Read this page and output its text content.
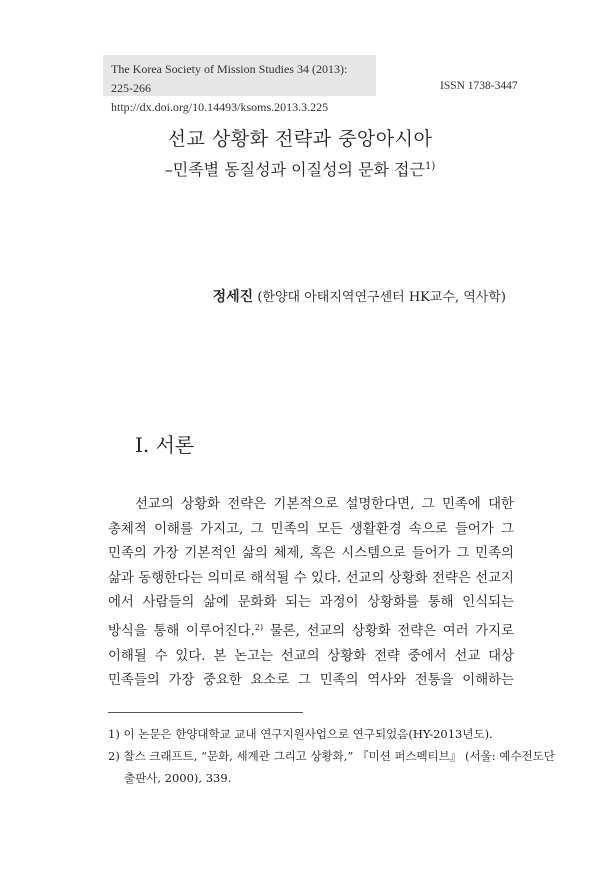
The Korea Society of Mission Studies 34 (2013): 225-266
http://dx.doi.org/10.14493/ksoms.2013.3.225
ISSN 1738-3447
선교 상황화 전략과 중앙아시아
–민족별 동질성과 이질성의 문화 접근$^{1)}$
정세진 (한양대 아태지역연구센터 HK교수, 역사학)
I. 서론
선교의 상황화 전략은 기본적으로 설명한다면, 그 민족에 대한
총체적 이해를 가지고, 그 민족의 모든 생활환경 속으로 들어가 그
민족의 가장 기본적인 삶의 체제, 혹은 시스템으로 들어가 그 민족의
삶과 동행한다는 의미로 해석될 수 있다. 선교의 상황화 전략은 선교지
에서 사람들의 삶에 문화화 되는 과정이 상황화를 통해 인식되는
방식을 통해 이루어진다.$^{2)}$ 물론, 선교의 상황화 전략은 여러 가지로
이해될 수 있다. 본 논고는 선교의 상황화 전략 중에서 선교 대상
민족들의 가장 중요한 요소로 그 민족의 역사와 전통을 이해하는
1) 이 논문은 한양대학교 교내 연구지원사업으로 연구되었음(HY-2013년도).
2) 찰스 크래프트, “문화, 세계관 그리고 상황화,” 『미션 퍼스펙티브』 (서울: 예수전도단
출판사, 2000), 339.
